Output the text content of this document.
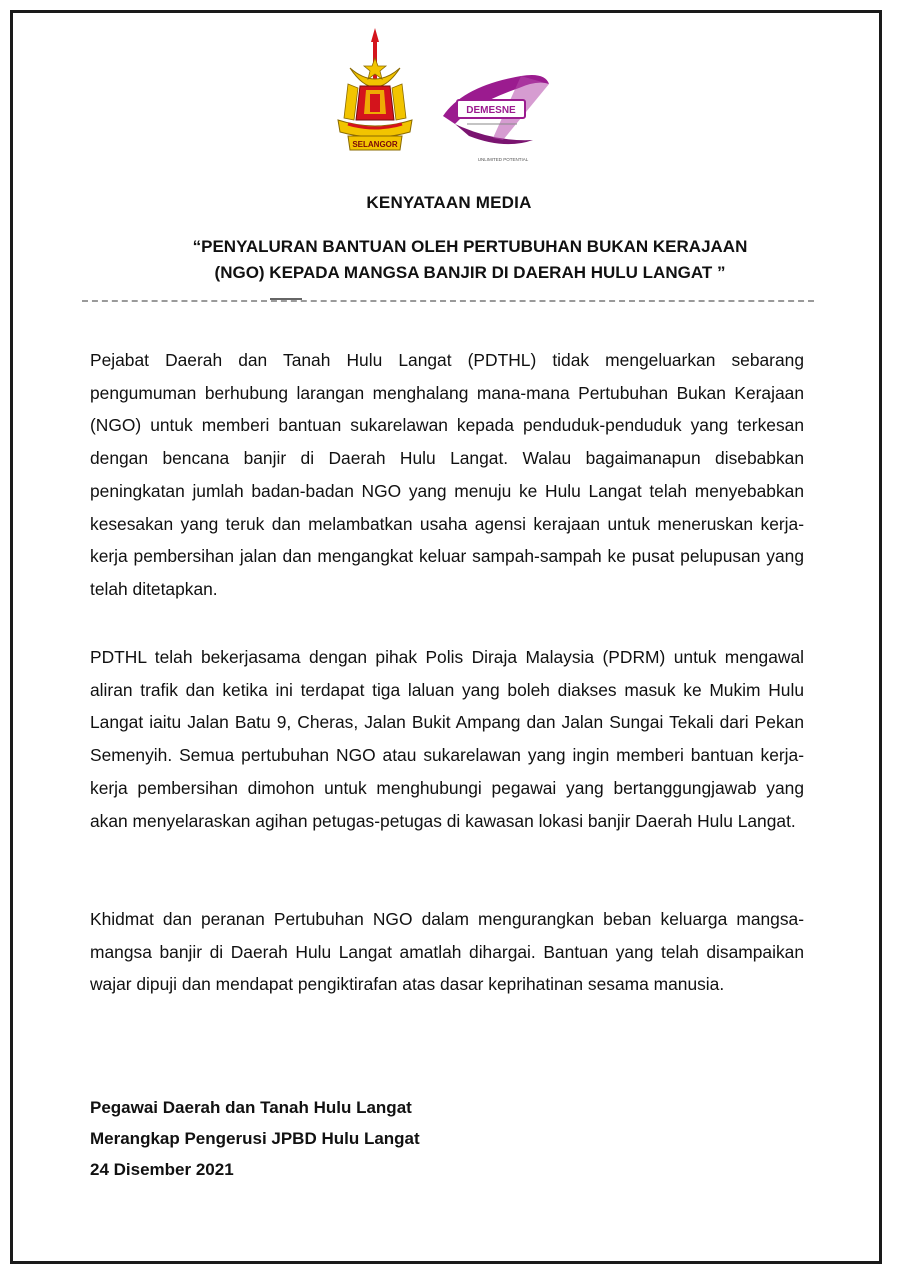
SELANGOR
DEMESNE
UNLIMITED POTENTIAL
KENYATAAN MEDIA
“PENYALURAN BANTUAN OLEH PERTUBUHAN BUKAN KERAJAAN
(NGO) KEPADA MANGSA BANJIR DI DAERAH HULU LANGAT ”

Pejabat Daerah dan Tanah Hulu Langat (PDTHL) tidak mengeluarkan sebarang pengumuman berhubung larangan menghalang mana-mana Pertubuhan Bukan Kerajaan (NGO) untuk memberi bantuan sukarelawan kepada penduduk-penduduk yang terkesan dengan bencana banjir di Daerah Hulu Langat. Walau bagaimanapun disebabkan peningkatan jumlah badan-badan NGO yang menuju ke Hulu Langat telah menyebabkan kesesakan yang teruk dan melambatkan usaha agensi kerajaan untuk meneruskan kerja-kerja pembersihan jalan dan mengangkat keluar sampah-sampah ke pusat pelupusan yang telah ditetapkan.

PDTHL telah bekerjasama dengan pihak Polis Diraja Malaysia (PDRM) untuk mengawal aliran trafik dan ketika ini terdapat tiga laluan yang boleh diakses masuk ke Mukim Hulu Langat iaitu Jalan Batu 9, Cheras, Jalan Bukit Ampang dan Jalan Sungai Tekali dari Pekan Semenyih. Semua pertubuhan NGO atau sukarelawan yang ingin memberi bantuan kerja-kerja pembersihan dimohon untuk menghubungi pegawai yang bertanggungjawab yang akan menyelaraskan agihan petugas-petugas di kawasan lokasi banjir Daerah Hulu Langat.

Khidmat dan peranan Pertubuhan NGO dalam mengurangkan beban keluarga mangsa-mangsa banjir di Daerah Hulu Langat amatlah dihargai. Bantuan yang telah disampaikan wajar dipuji dan mendapat pengiktirafan atas dasar keprihatinan sesama manusia.

Pegawai Daerah dan Tanah Hulu Langat
Merangkap Pengerusi JPBD Hulu Langat
24 Disember 2021
